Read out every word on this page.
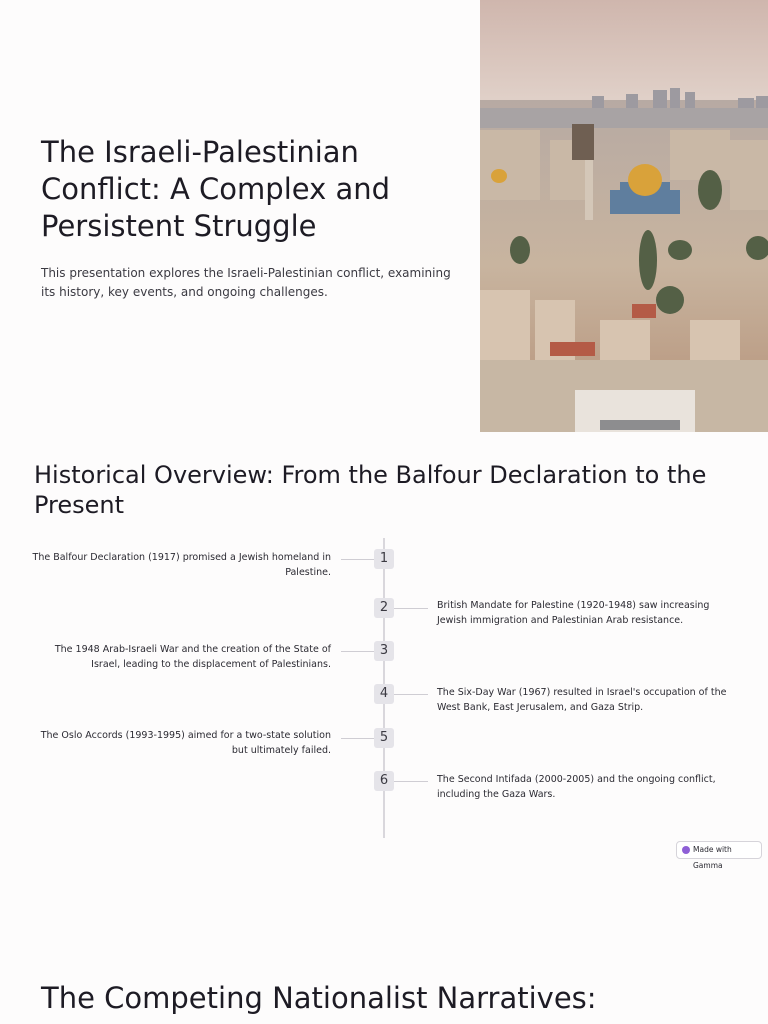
The Israeli-Palestinian Conflict: A Complex and Persistent Struggle

This presentation explores the Israeli-Palestinian conflict, examining its history, key events, and ongoing challenges.

Historical Overview: From the Balfour Declaration to the Present
1
The Balfour Declaration (1917) promised a Jewish homeland in Palestine.
2	British Mandate for Palestine (1920-1948) saw increasing Jewish immigration and Palestinian Arab resistance.
3
The 1948 Arab-Israeli War and the creation of the State of Israel, leading to the displacement of Palestinians.
4	The Six-Day War (1967) resulted in Israel's occupation of the West Bank, East Jerusalem, and Gaza Strip.
5
The Oslo Accords (1993-1995) aimed for a two-state solution but ultimately failed.
6	The Second Intifada (2000-2005) and the ongoing conflict, including the Gaza Wars.
Made with Gamma
The Competing Nationalist Narratives:
